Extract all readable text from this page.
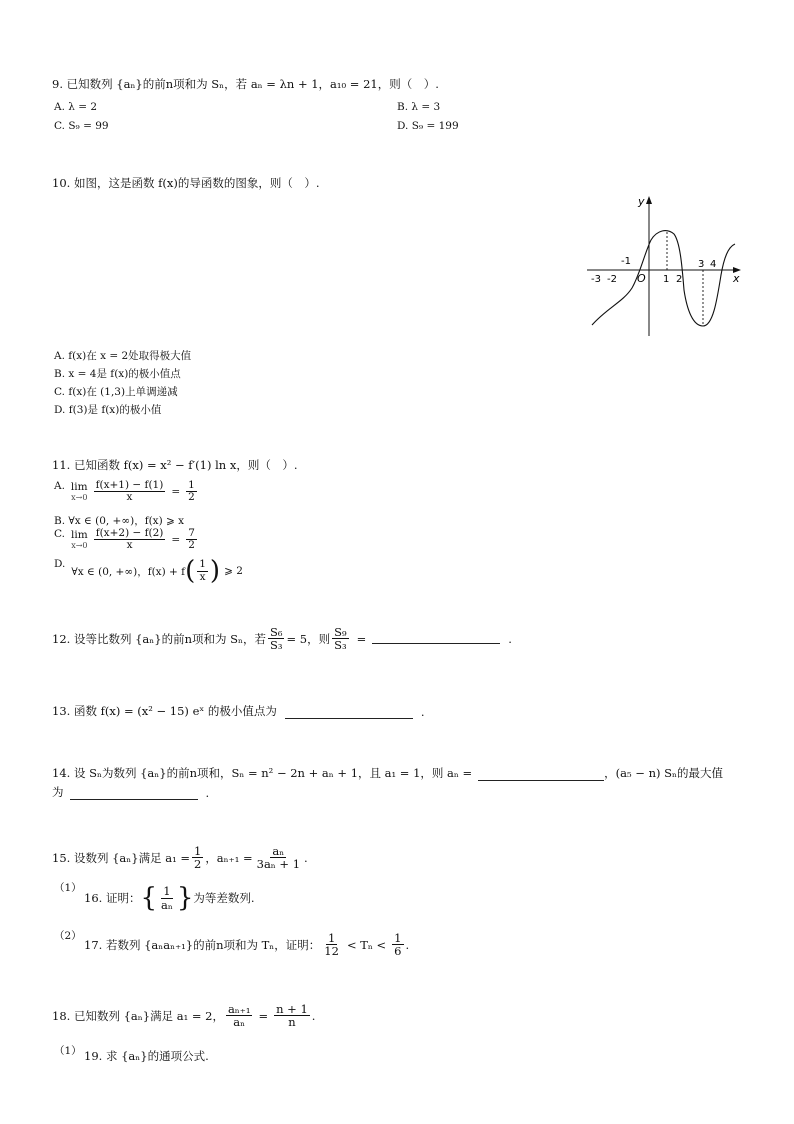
9. 已知数列 {aₙ}的前n项和为 Sₙ，若 aₙ = λn + 1，a₁₀ = 21，则（　）.
A. λ = 2	B. λ = 3
C. S₉ = 99	D. S₉ = 199
10. 如图，这是函数 f(x)的导函数的图象，则（　）.
y
x
O
-3 -2
-1
1 2
3 4
A. f(x)在 x = 2处取得极大值
B. x = 4是 f(x)的极小值点
C. f(x)在 (1,3)上单调递减
D. f(3)是 f(x)的极小值
11. 已知函数 f(x) = x² − f′(1) ln x，则（　）.
A. lim
$x\to 0 \frac{f(x+1) - f(1)}{x} = \frac{1}{2}$
B. ∀x ∈ (0, +∞)，f(x) ⩾ x
C. lim
$x\to 0 \frac{f(x+2) - f(2)}{x} = \frac{7}{2}$
D.
∀x ∈ (0, +∞)，f(x) + f ( $\frac{1}{x}$ ) ⩾ 2
12. 设等比数列 {aₙ}的前n项和为 Sₙ，若 $\frac{\text{S₆}}{\text{S₃}} = 5$，则 $\frac{\text{S₉}}{\text{S₃}}$ =	.
13. 函数 f(x) = (x² − 15) eˣ 的极小值点为	.
14. 设 Sₙ为数列 {aₙ}的前n项和，Sₙ = n² − 2n + aₙ + 1，且 a₁ = 1，则 aₙ =	，(a₅ − n) Sₙ的最大值
为	.
15. 设数列 {aₙ}满足 $a_1 = \frac{1}{2}$ ，$a_{n+1} = \frac{\text{aₙ}}{\text{3aₙ + 1}}$ .
（1）
16. 证明： { $\frac{1}{\text{aₙ}}$ } 为等差数列.
（2）
17. 若数列 {aₙaₙ₊₁}的前n项和为 Tₙ，证明： $\frac{1}{12} < T_n < \frac{1}{6}$ .
18. 已知数列 {aₙ}满足 a₁ = 2， $\frac{\text{aₙ₊₁}}{\text{aₙ}} = \frac{n + 1}{n}$ .
（1） 19. 求 {aₙ}的通项公式.
